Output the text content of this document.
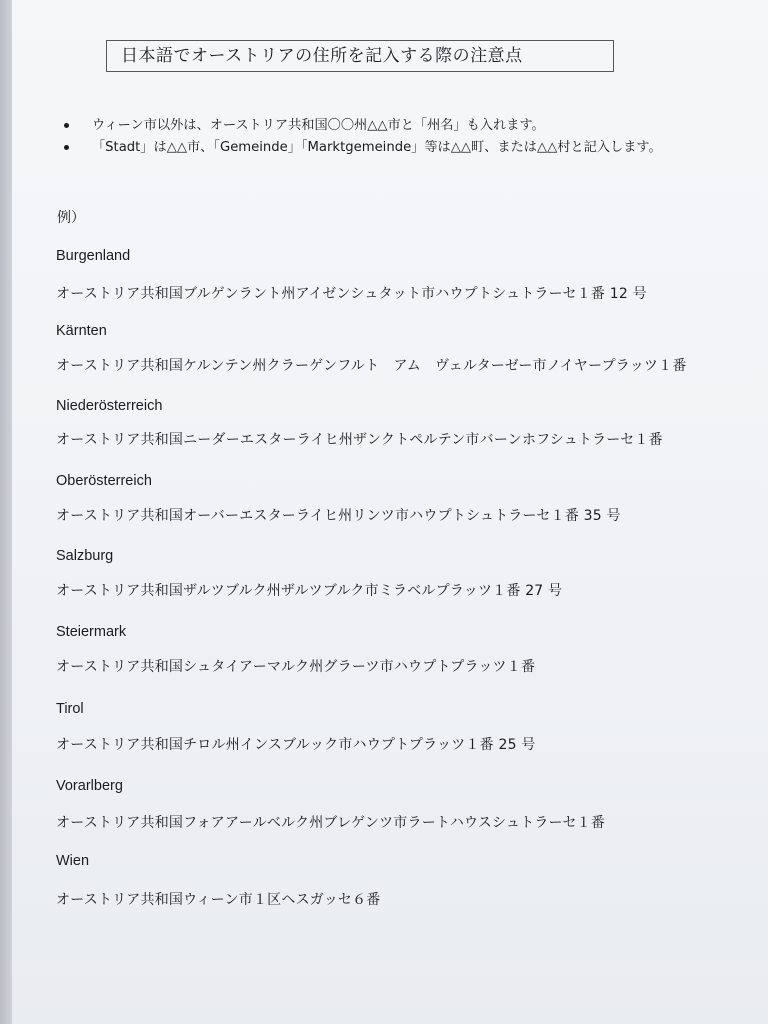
日本語でオーストリアの住所を記入する際の注意点
ウィーン市以外は、オーストリア共和国〇〇州△△市と「州名」も入れます。
「Stadt」は△△市、「Gemeinde」「Marktgemeinde」等は△△町、または△△村と記入します。
例）
Burgenland
オーストリア共和国ブルゲンラント州アイゼンシュタット市ハウプトシュトラーセ１番 12 号
Kärnten
オーストリア共和国ケルンテン州クラーゲンフルト　アム　ヴェルターゼー市ノイヤープラッツ１番
Niederösterreich
オーストリア共和国ニーダーエスターライヒ州ザンクトペルテン市バーンホフシュトラーセ１番
Oberösterreich
オーストリア共和国オーバーエスターライヒ州リンツ市ハウプトシュトラーセ１番 35 号
Salzburg
オーストリア共和国ザルツブルク州ザルツブルク市ミラベルプラッツ１番 27 号
Steiermark
オーストリア共和国シュタイアーマルク州グラーツ市ハウプトプラッツ１番
Tirol
オーストリア共和国チロル州インスブルック市ハウプトプラッツ１番 25 号
Vorarlberg
オーストリア共和国フォアアールベルク州ブレゲンツ市ラートハウスシュトラーセ１番
Wien
オーストリア共和国ウィーン市１区ヘスガッセ６番
